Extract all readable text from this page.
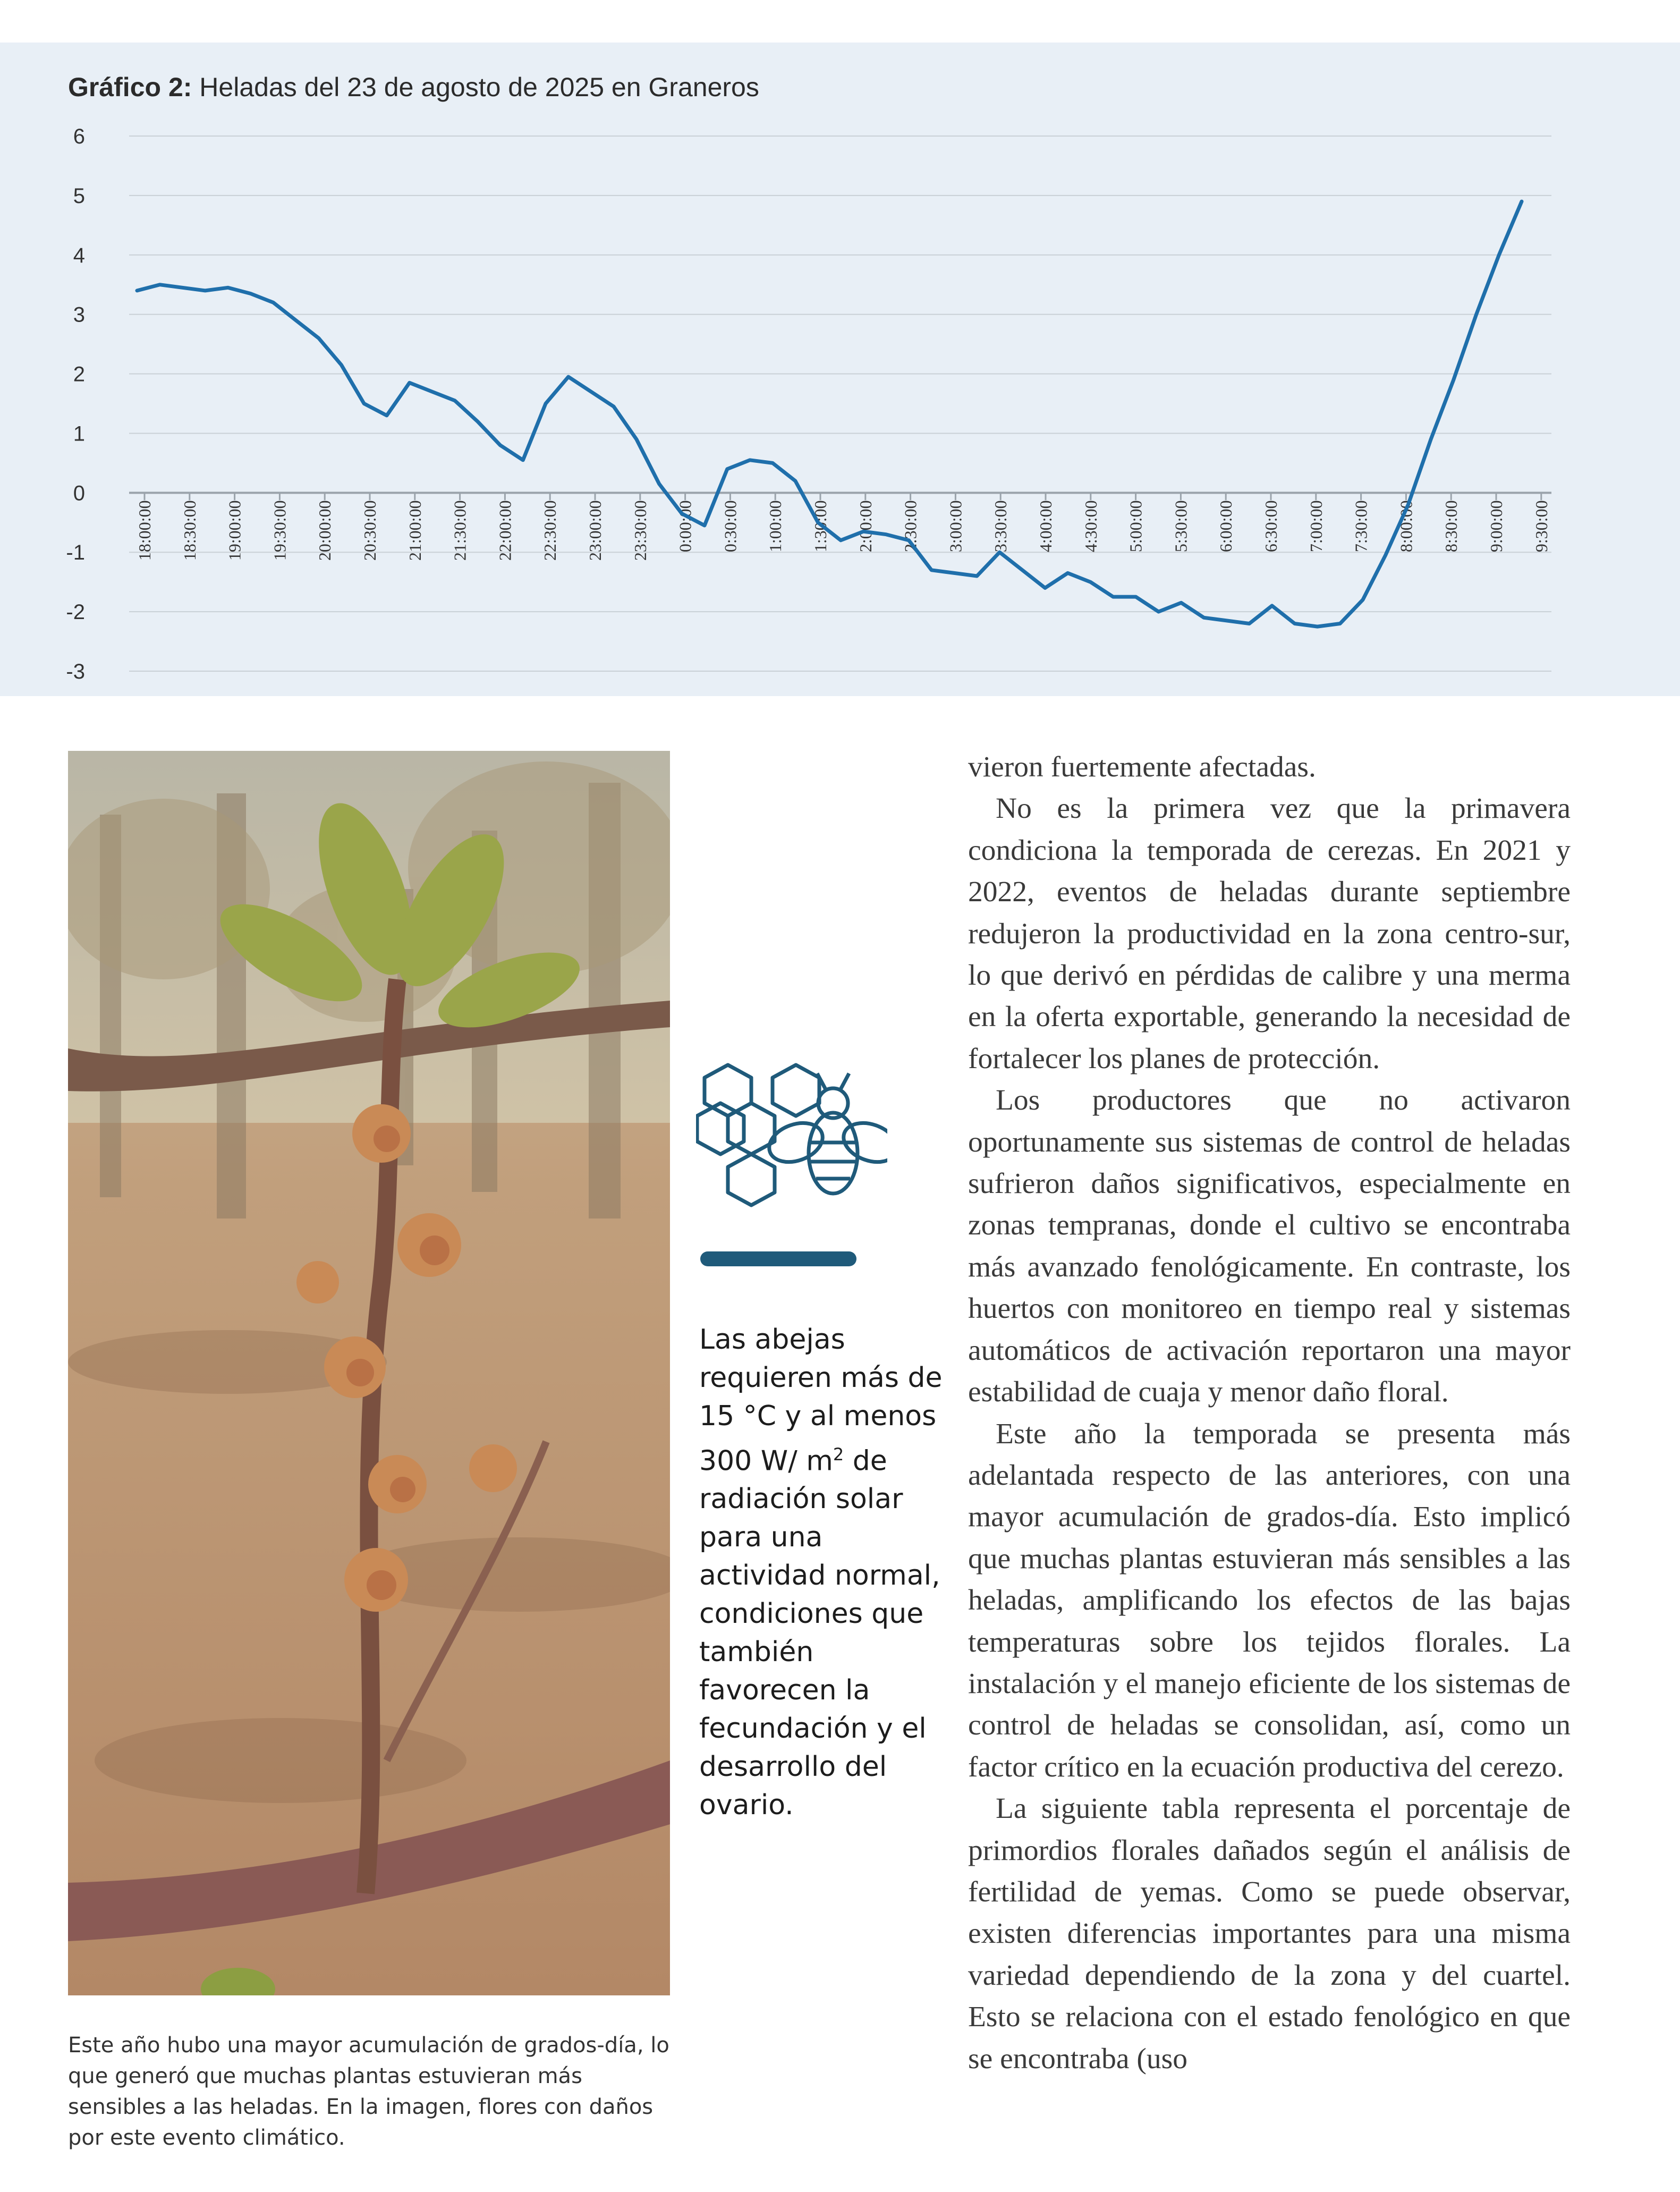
Gráfico 2: Heladas del 23 de agosto de 2025 en Graneros
6
5
4
3
2
1
0
-1
-2
-3
18:00:00 18:30:00 19:00:00 19:30:00 20:00:00 20:30:00 21:00:00 21:30:00 22:00:00 22:30:00 23:00:00 23:30:00 0:00:00 0:30:00 1:00:00 1:30:00 2:00:00 2:30:00 3:00:00 3:30:00 4:00:00 4:30:00 5:00:00 5:30:00 6:00:00 6:30:00 7:00:00 7:30:00 8:00:00 8:30:00 9:00:00 9:30:00
Este año hubo una mayor acumulación de grados-día, lo que generó que muchas plantas estuvieran más sensibles a las heladas. En la imagen, flores con daños por este evento climático.
Las abejas requieren más de 15 °C y al menos 300 W/ $m^2$ de radiación solar para una actividad normal, condiciones que también favorecen la fecundación y el desarrollo del ovario.

vieron fuertemente afectadas.

No es la primera vez que la primavera condiciona la temporada de cerezas. En 2021 y 2022, eventos de heladas durante septiembre redujeron la productividad en la zona centro-sur, lo que derivó en pérdidas de calibre y una merma en la oferta exportable, generando la necesidad de fortalecer los planes de protección.

Los productores que no activaron oportunamente sus sistemas de control de heladas sufrieron daños significativos, especialmente en zonas tempranas, donde el cultivo se encontraba más avanzado fenológicamente. En contraste, los huertos con monitoreo en tiempo real y sistemas automáticos de activación reportaron una mayor estabilidad de cuaja y menor daño floral.

Este año la temporada se presenta más adelantada respecto de las anteriores, con una mayor acumulación de grados-día. Esto implicó que muchas plantas estuvieran más sensibles a las heladas, amplificando los efectos de las bajas temperaturas sobre los tejidos florales. La instalación y el manejo eficiente de los sistemas de control de heladas se consolidan, así, como un factor crítico en la ecuación productiva del cerezo.

La siguiente tabla representa el porcentaje de primordios florales dañados según el análisis de fertilidad de yemas. Como se puede observar, existen diferencias importantes para una misma variedad dependiendo de la zona y del cuartel. Esto se relaciona con el estado fenológico en que se encontraba (uso
